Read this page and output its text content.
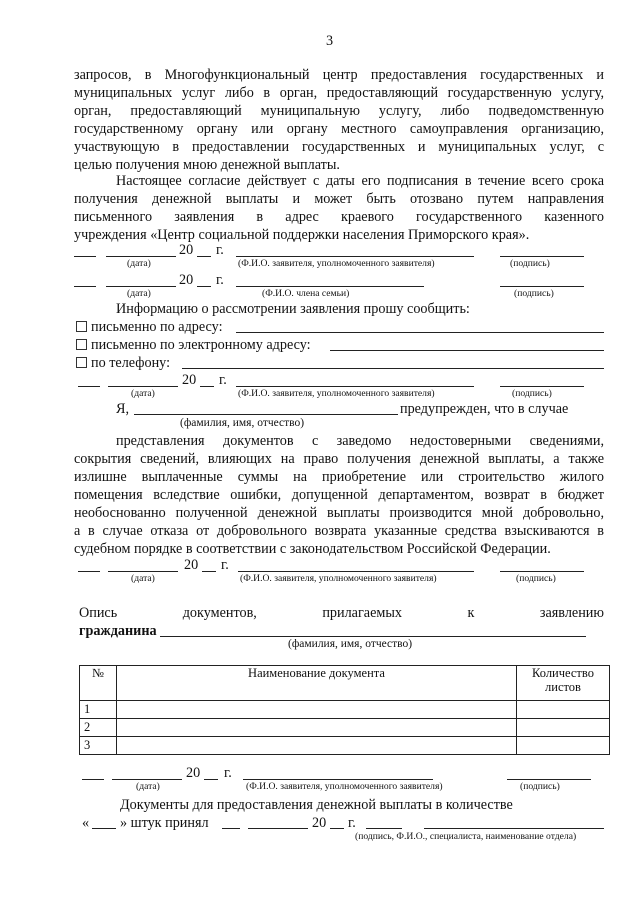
3
запросов, в Многофункциональный центр предоставления государственных и
муниципальных услуг либо в орган, предоставляющий государственную услугу,
орган, предоставляющий муниципальную услугу, либо подведомственную
государственному органу или органу местного самоуправления организацию,
участвующую в предоставлении государственных и муниципальных услуг, с
целью получения мною денежной выплаты.
Настоящее согласие действует с даты его подписания в течение всего срока
получения денежной выплаты и может быть отозвано путем направления
письменного заявления в адрес краевого государственного казенного
учреждения «Центр социальной поддержки населения Приморского края».
20 г.
(дата)	(Ф.И.О. заявителя, уполномоченного заявителя)	(подпись)
20 г.
(дата)	(Ф.И.О. члена семьи)	(подпись)
Информацию о рассмотрении заявления прошу сообщить:
письменно по адресу:
письменно по электронному адресу:
по телефону:
20 г.
(дата)	(Ф.И.О. заявителя, уполномоченного заявителя)	(подпись)
Я,	предупрежден, что в случае
(фамилия, имя, отчество)
представления документов с заведомо недостоверными сведениями,
сокрытия сведений, влияющих на право получения денежной выплаты, а также
излишне выплаченные суммы на приобретение или строительство жилого
помещения вследствие ошибки, допущенной департаментом, возврат в бюджет
необоснованно полученной денежной выплаты производится мной добровольно,
а в случае отказа от добровольного возврата указанные средства взыскиваются в
судебном порядке в соответствии с законодательством Российской Федерации.
20 г.
(дата)	(Ф.И.О. заявителя, уполномоченного заявителя)	(подпись)
Опись	документов,	прилагаемых	к	заявлению
гражданина
(фамилия, имя, отчество)
№	Наименование документа	Количество листов
1		
2		
3		
20 г.
(дата)	(Ф.И.О. заявителя, уполномоченного заявителя)	(подпись)
Документы для предоставления денежной выплаты в количестве
« » штук принял	20 г.
(подпись, Ф.И.О., специалиста, наименование отдела)
